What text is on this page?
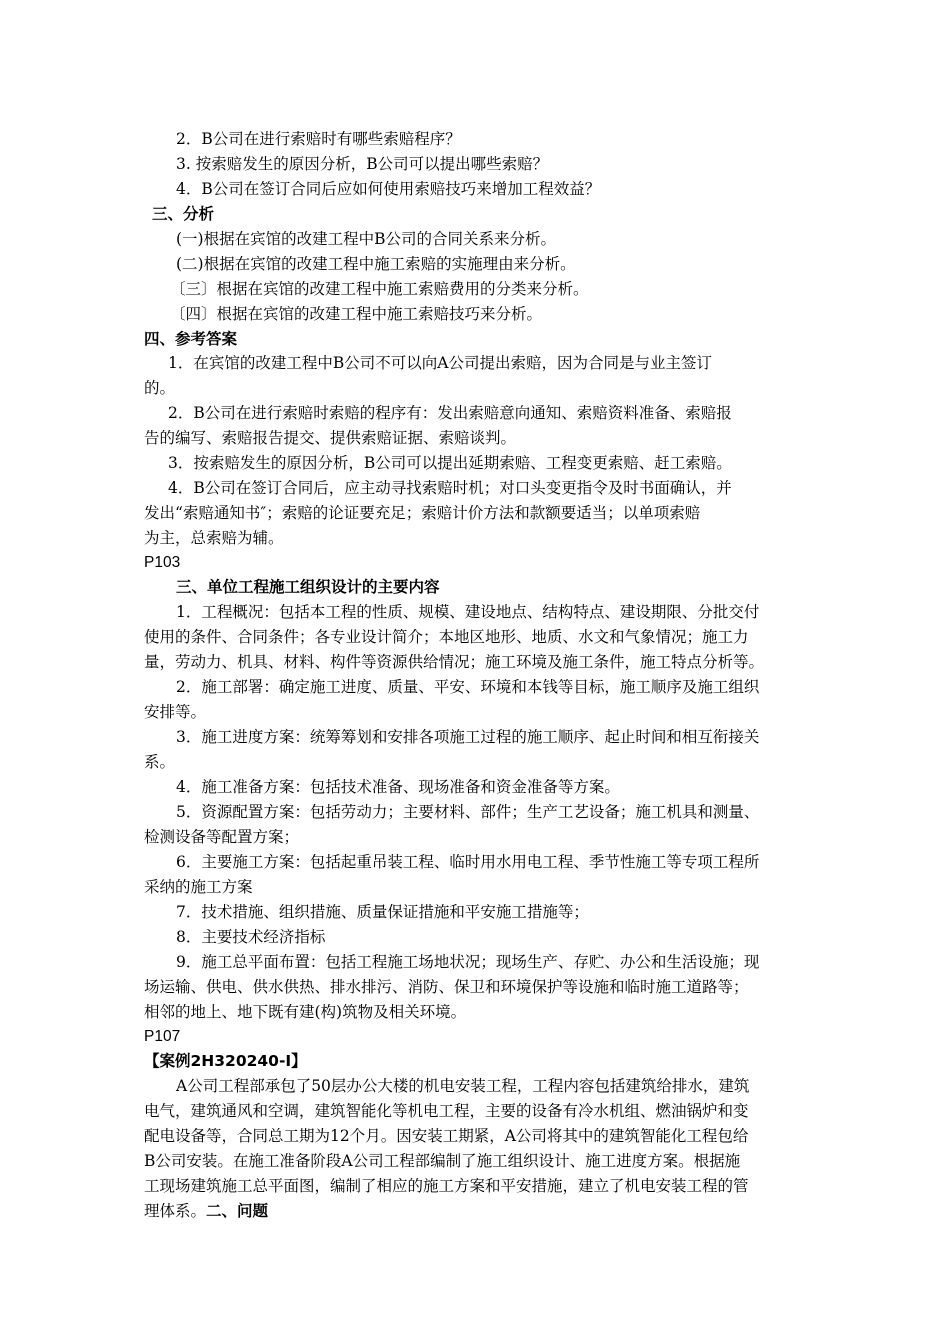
2．B公司在进行索赔时有哪些索赔程序？
3. 按索赔发生的原因分析，B公司可以提出哪些索赔？
4．B公司在签订合同后应如何使用索赔技巧来增加工程效益？
三、分析
(一)根据在宾馆的改建工程中B公司的合同关系来分析。
(二)根据在宾馆的改建工程中施工索赔的实施理由来分析。
〔三〕根据在宾馆的改建工程中施工索赔费用的分类来分析。
〔四〕根据在宾馆的改建工程中施工索赔技巧来分析。
四、参考答案
1．在宾馆的改建工程中B公司不可以向A公司提出索赔，因为合同是与业主签订
的。
2．B公司在进行索赔时索赔的程序有：发出索赔意向通知、索赔资料准备、索赔报
告的编写、索赔报告提交、提供索赔证据、索赔谈判。
3．按索赔发生的原因分析，B公司可以提出延期索赔、工程变更索赔、赶工索赔。
4．B公司在签订合同后，应主动寻找索赔时机；对口头变更指令及时书面确认，并
发出“索赔通知书″；索赔的论证要充足；索赔计价方法和款额要适当；以单项索赔
为主，总索赔为辅。
P103
三、单位工程施工组织设计的主要内容
1．工程概况：包括本工程的性质、规模、建设地点、结构特点、建设期限、分批交付
使用的条件、合同条件；各专业设计简介；本地区地形、地质、水文和气象情况；施工力
量，劳动力、机具、材料、构件等资源供给情况；施工环境及施工条件，施工特点分析等。
2．施工部署：确定施工进度、质量、平安、环境和本钱等目标，施工顺序及施工组织
安排等。
3．施工进度方案：统筹筹划和安排各项施工过程的施工顺序、起止时间和相互衔接关
系。
4．施工准备方案：包括技术准备、现场准备和资金准备等方案。
5．资源配置方案：包括劳动力；主要材料、部件；生产工艺设备；施工机具和测量、
检测设备等配置方案；
6．主要施工方案：包括起重吊装工程、临时用水用电工程、季节性施工等专项工程所
采纳的施工方案
7．技术措施、组织措施、质量保证措施和平安施工措施等；
8．主要技术经济指标
9．施工总平面布置：包括工程施工场地状况；现场生产、存贮、办公和生活设施；现
场运输、供电、供水供热、排水排污、消防、保卫和环境保护等设施和临时施工道路等；
相邻的地上、地下既有建(构)筑物及相关环境。
P107
【案例2H320240-Ⅰ】
A公司工程部承包了50层办公大楼的机电安装工程，工程内容包括建筑给排水，建筑
电气，建筑通风和空调，建筑智能化等机电工程，主要的设备有冷水机组、燃油锅炉和变
配电设备等，合同总工期为12个月。因安装工期紧，A公司将其中的建筑智能化工程包给
B公司安装。在施工准备阶段A公司工程部编制了施工组织设计、施工进度方案。根据施
工现场建筑施工总平面图，编制了相应的施工方案和平安措施，建立了机电安装工程的管
理体系。二、问题
